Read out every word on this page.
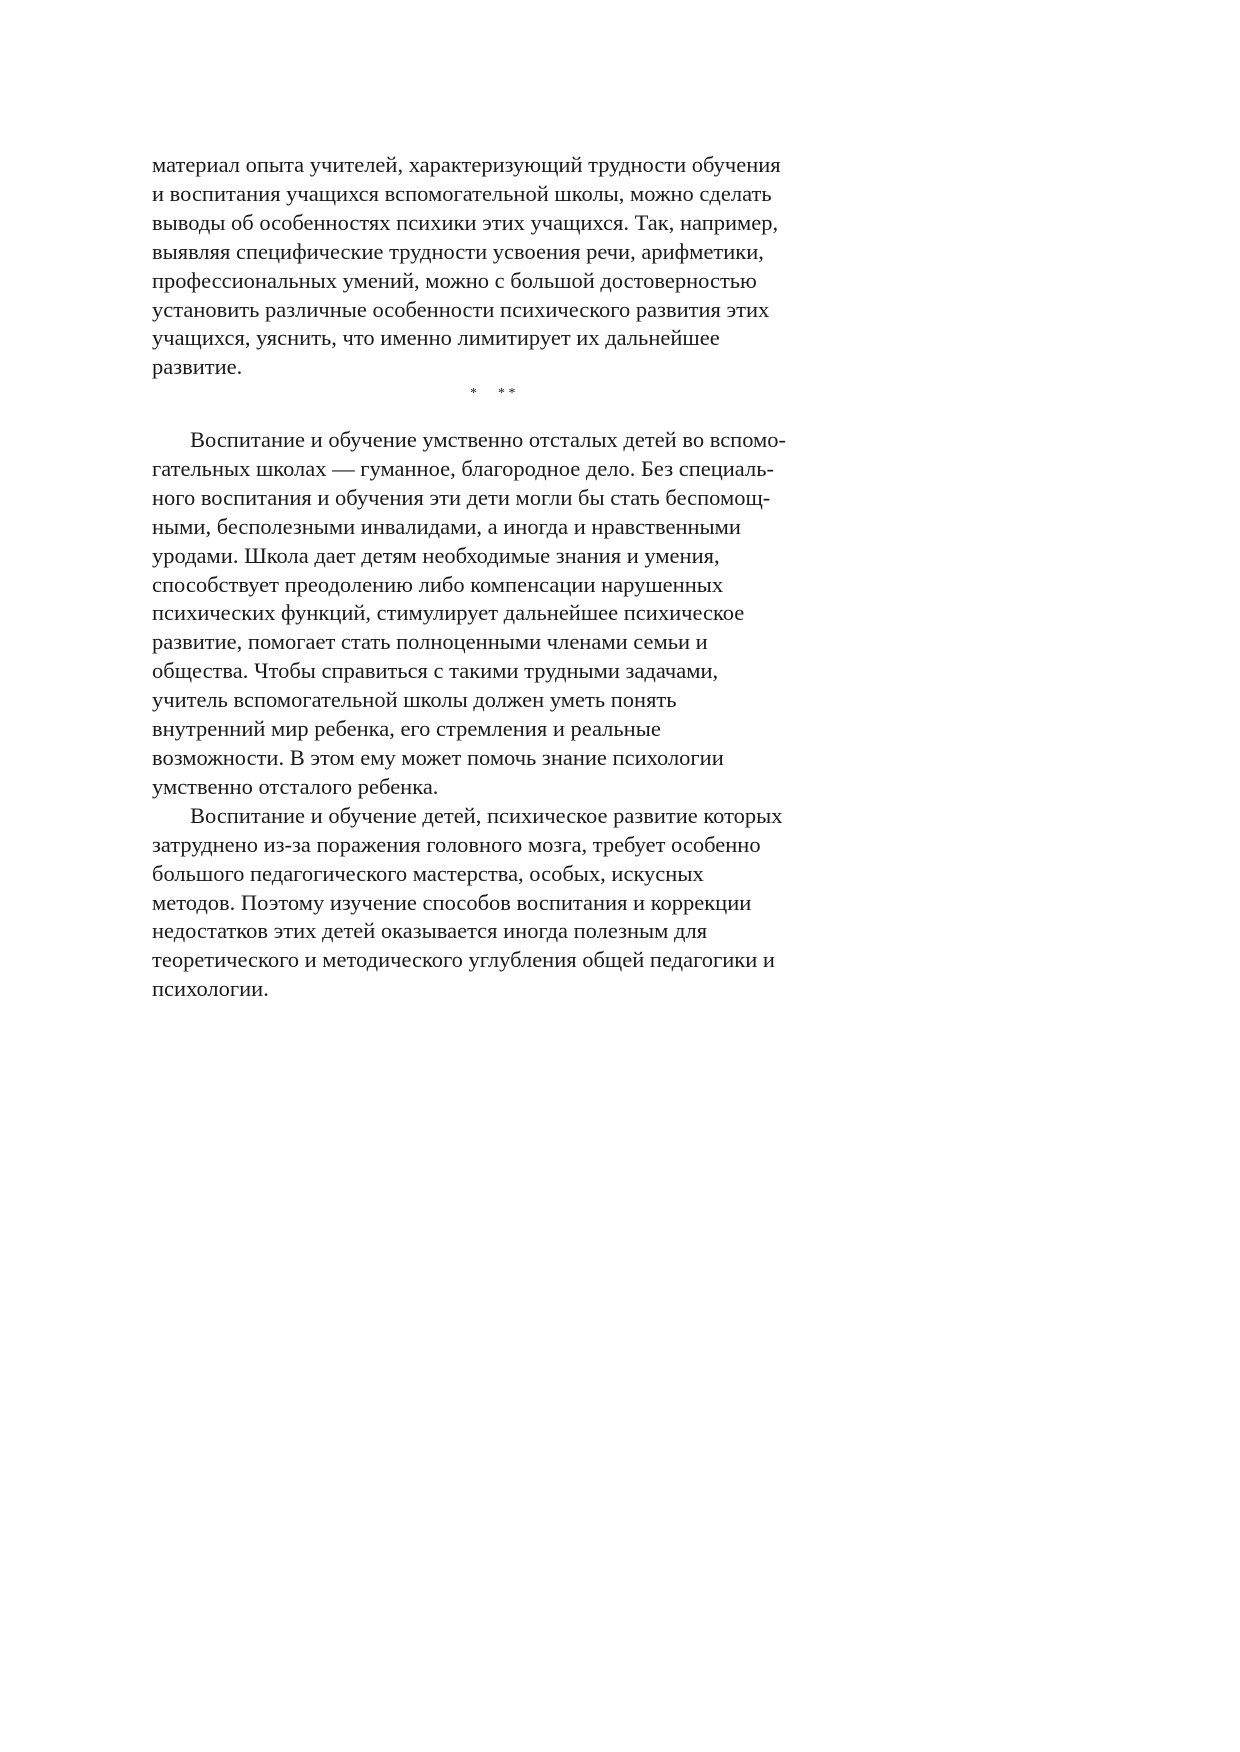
материал опыта учителей, характеризующий трудности обучения
и воспитания учащихся вспомогательной школы, можно сделать
выводы об особенностях психики этих учащихся. Так, например,
выявляя специфические трудности усвоения речи, арифметики,
профессиональных умений, можно с большой достоверностью
установить различные особенности психического развития этих
учащихся, уяснить, что именно лимитирует их дальнейшее
развитие.
*      * *
Воспитание и обучение умственно отсталых детей во вспомо-
гательных школах — гуманное, благородное дело. Без специаль-
ного воспитания и обучения эти дети могли бы стать беспомощ-
ными, бесполезными инвалидами, а иногда и нравственными
уродами. Школа дает детям необходимые знания и умения,
способствует преодолению либо компенсации нарушенных
психических функций, стимулирует дальнейшее психическое
развитие, помогает стать полноценными членами семьи и
общества. Чтобы справиться с такими трудными задачами,
учитель вспомогательной школы должен уметь понять
внутренний мир ребенка, его стремления и реальные
возможности. В этом ему может помочь знание психологии
умственно отсталого ребенка.
Воспитание и обучение детей, психическое развитие которых
затруднено из-за поражения головного мозга, требует особенно
большого педагогического мастерства, особых, искусных
методов. Поэтому изучение способов воспитания и коррекции
недостатков этих детей оказывается иногда полезным для
теоретического и методического углубления общей педагогики и
психологии.
